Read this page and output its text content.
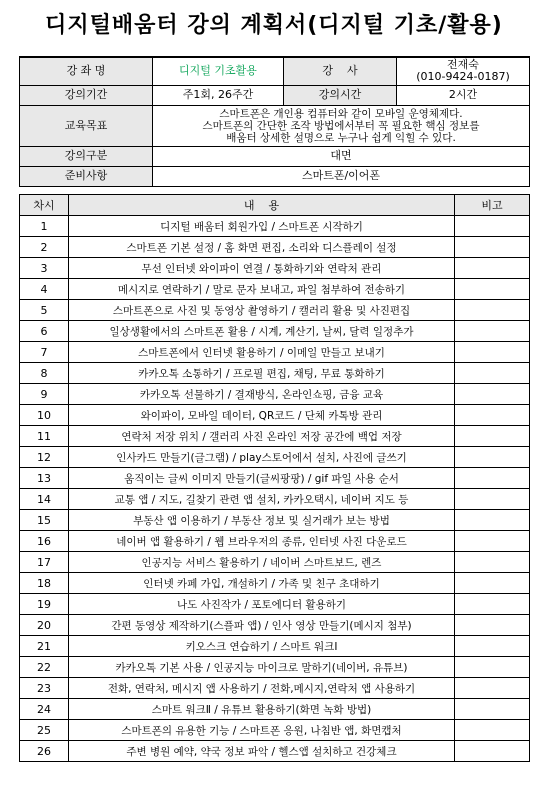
디지털배움터 강의 계획서(디지털 기초/활용)
강 좌 명	디지털 기초활용	강    사	전재숙
(010-9424-0187)

강의기간	주1회, 26주간	강의시간	2시간
교육목표	스마트폰은 개인용 컴퓨터와 같이 모바일 운영체제다.
스마트폰의 간단한 조작 방법에서부터 꼭 필요한 핵심 정보를
배움터 상세한 설명으로 누구나 쉽게 익힐 수 있다.		

강의구분	대면		
준비사항	스마트폰/이어폰		
차시	내    용	비고
1	디지털 배움터 회원가입 / 스마트폰 시작하기	
2	스마트폰 기본 설정 / 홈 화면 편집, 소리와 디스플레이 설정	
3	무선 인터넷 와이파이 연결 / 통화하기와 연락처 관리	
4	메시지로 연락하기 / 말로 문자 보내고, 파일 첨부하여 전송하기	
5	스마트폰으로 사진 및 동영상 촬영하기 / 캘러리 활용 및 사진편집	
6	일상생활에서의 스마트폰 활용 / 시계, 계산기, 날씨, 달력 일정추가	
7	스마트폰에서 인터넷 활용하기 / 이메일 만들고 보내기	
8	카카오톡 소통하기 / 프로필 편집, 채팅, 무료 통화하기	
9	카카오톡 선물하기 / 결재방식, 온라인쇼핑, 금융 교육	
10	와이파이, 모바일 데이터, QR코드 / 단체 카톡방 관리	
11	연락처 저장 위치 / 갤러리 사진 온라인 저장 공간에 백업 저장	
12	인사카드 만들기(글그램) / play스토어에서 설치, 사진에 글쓰기	
13	움직이는 글씨 이미지 만들기(글씨팡팡) / gif 파일 사용 순서	
14	교통 앱 / 지도, 길찾기 관련 앱 설치, 카카오택시, 네이버 지도 등	
15	부동산 앱 이용하기 / 부동산 정보 및 실거래가 보는 방법	
16	네이버 앱 활용하기 / 웹 브라우저의 종류, 인터넷 사진 다운로드	
17	인공지능 서비스 활용하기 / 네이버 스마트보드, 렌즈	
18	인터넷 카페 가입, 개설하기 / 가족 및 친구 초대하기	
19	나도 사진작가 / 포토에디터 활용하기	
20	간편 동영상 제작하기(스플파 앱) / 인사 영상 만들기(메시지 첨부)	
21	키오스크 연습하기 / 스마트 워크Ⅰ	
22	카카오톡 기본 사용 / 인공지능 마이크로 말하기(네이버, 유튜브)	
23	전화, 연락처, 메시지 앱 사용하기 / 전화,메시지,연락처 앱 사용하기	
24	스마트 워크Ⅱ / 유튜브 활용하기(화면 녹화 방법)	
25	스마트폰의 유용한 기능 / 스마트폰 응원, 나침반 앱, 화면캡처	
26	주변 병원 예약, 약국 정보 파악 / 헬스앱 설치하고 건강체크	
